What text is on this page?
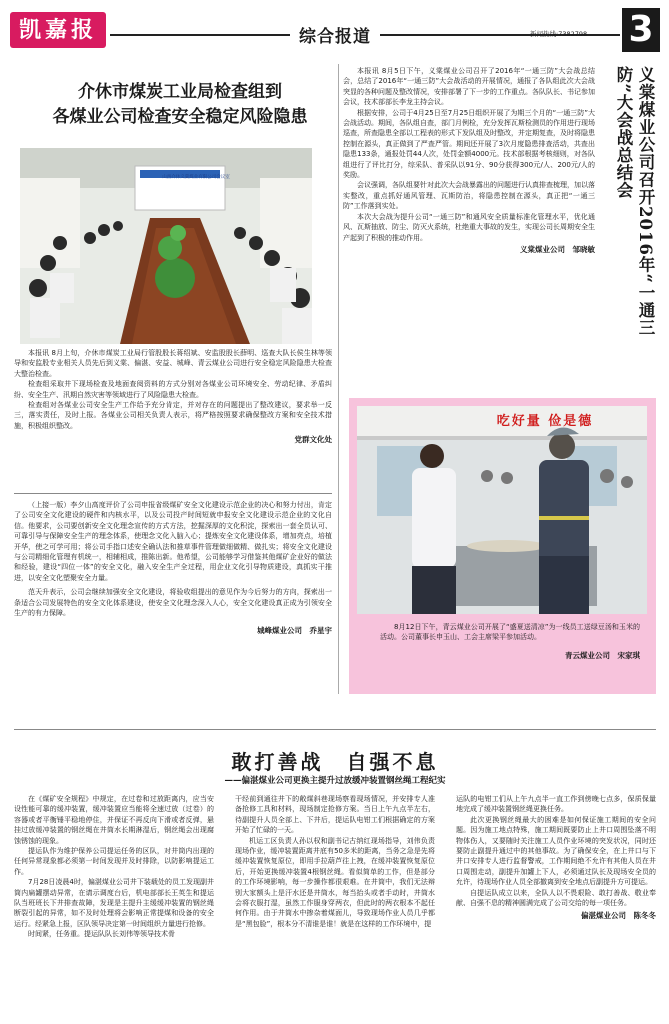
凯嘉报	综合报道	新闻热线:7382798 3
介休市煤炭工业局检查组到
各煤业公司检查安全稳定风险隐患
山西介休义棠煤业有限公司会议室

本报讯 8月上旬，介休市煤炭工业局行管股股长蒋绍斌、安监股股长薛明、巡查大队长侯生林等领导和安监股专业相关人员先后到义棠、偏湛、安益、城峰、青云煤业公司进行安全稳定风险隐患大检查大整治检查。

检查组采取井下现场检查及地面查阅资料的方式分别对各煤业公司环境安全、劳动纪律、矛盾纠纷、安全生产、汛期自然灾害等领域进行了风险隐患大检查。

检查组对各煤业公司安全生产工作给予充分肯定，并对存在的问题提出了整改建议，要求举一反三，落实责任，及时上报。各煤业公司相关负责人表示，将严格按照要求确保整改方案和安全技术措施，积极组织整改。

党群文化处

（上接一版）李夕山高度评价了公司申报省级煤矿安全文化建设示范企业的决心和努力付出，肯定了公司安全文化建设的硬件和内核水平，以及公司投产时间短就申报安全文化建设示范企业的文化自信。他要求，公司要创新安全文化理念宣传的方式方法，挖掘深厚的文化积淀，探索出一套全员认可、可靠引导与保障安全生产的理念体系，使理念文化入脑入心；提炼安全文化建设体系，增加亮点，培植开华，使之可学可用；将公司手指口述安全确认法和推草事件管理做细做精、做扎实；将安全文化建设与公司精细化管理有机统一，相辅相成，推陈出新。他希望，公司能够学习借鉴其他煤矿企业好的做法和经验，建设“四位一体”的安全文化，融入安全生产全过程，用企业文化引导物质建设，真抓实干推进，以安全文化塑聚安全力量。

范天升表示，公司会继续加强安全文化建设，将验收组提出的意见作为今后努力的方向，探索出一条适合公司发展特色的安全文化体系建设，使安全文化理念深入人心，安全文化建设真正成为引领安全生产的有力保障。

城峰煤业公司　乔星宇
义棠煤业公司召开2016年“一通三防”大会战总结会

本报讯 8月5日下午，义棠煤业公司召开了2016年“一通三防”大会战总结会，总结了2016年“一通三防”大会战活动的开展情况，通报了各队组此次大会战突显的各种问题及整改情况，安排部署了下一步的工作重点。各队队长、书记参加会议，技术部部长李龙主持会议。

根据安排，公司于4月25日至7月25日组织开展了为期三个月的“一通三防”大会战活动。期间，各队组自查，部门月例检，充分发挥瓦斯检测员的作用进行现场巡查，所查隐患全部以工程表的形式下发队组及时整改，并定期复查，及时将隐患控制在源头，真正做到了严查严管。期间还开展了3次月度隐患排查活动，共查出隐患133条，通报处罚44人次，处罚金额4000元。技术部根据考核细则，对各队组进行了评比打分，综采队、普采队以91分、90分获得300元/人、200元/人的奖励。

会议强调，各队组要针对此次大会战暴露出的问题进行认真排查梳理，加以落实整改，重点抓好通风管理、瓦斯防治，将隐患控制在源头，真正把“一通三防”工作落到实处。

本次大会战为提升公司“一通三防”和通风安全质量标准化管理水平，优化通风、瓦斯抽放、防尘、防灭火系统，杜绝重大事故的发生，实现公司长周期安全生产起到了积极的推动作用。

义棠煤业公司　邹晓敏
吃好量 俭是德

8月12日下午，青云煤业公司开展了“盛夏送清凉”为一线员工送绿豆汤和玉米的活动。公司董事长申玉山、工会主席梁平参加活动。

青云煤业公司　宋家琪
敢打善战　自强不息
——偏湛煤业公司更换主提升过放缓冲装置钢丝绳工程纪实

在《煤矿安全规程》中规定，在过卷和过放距离内，应当安设性能可靠的缓冲装置，缓冲装置应当能将全速过放（过卷）的容器或者平衡锤平稳地停住，并保证不再反向下滑或者反弹，悬挂过放缓冲装置的钢丝绳在井筒水长期淋湿后，钢丝绳会出现腐蚀锈蚀的现象。

提运队作为维护保养公司提运任务的区队，对井筒内出现的任何异常现象都必须第一时间发现并及时排除，以防影响提运工作。

7月28日凌晨4时，偏湛煤业公司井下装载处的员工发现副井筒内扁罐摆动异常，在请示调度台后，机电部部长王英生和提运队当班班长下井排查故障，发现是主提升主缓缓冲装置的钢丝绳断裂引起的异常，如不及时处理将会影响正常提煤和设备的安全运行。经紧急上报，区队领导决定第一时间组织力量进行抢修。

时间紧，任务重。提运队队长刘伟等领导技术骨

干经前到通往井下的敞煤斜巷现场察看现场情况，并安排专人准备抢修工具和材料，现场制定抢修方案。当日上午九点半左右，待副提升人员全部上、下井后，提运队电钳工们根据确定的方案开始了忙碌的一天。

机运工区负责人孙以权和副书记古纳红现场指导，刘伟负责现场作业，缓冲装置距离井底有50多米的距离，当务之急是先将缓冲装置恢复原位，即用手拉葫芦往上拽，在缓冲装置恢复原位后，开始更换缓冲装置4根钢丝绳。看似简单的工作，但是部分的工作环境影响，每一步操作都很艰难。在井筒中，我们无法辩别大家额头上是汗水还是井筒水，每当抬头或者手动时，井筒水会将衣服打湿，虽然工作服身穿两衣，但此时的两衣根本不起任何作用。由于井筒水中掺杂着煤面儿，导致现场作业人员几乎都是“黑包脸”，根本分不清谁是谁！就是在这样的工作环境中，提

运队的电钳工们从上午九点半一直工作到傍晚七点多，保质保量地完成了缓冲装置钢丝绳更换任务。

此次更换钢丝绳最大的困难是如何保证施工期间的安全问题。因为施工地点特殊，施工期间既要防止上井口周围坠落不明物体伤人，又要随时关注施工人员作业环境的突发状况，同时还要防止副提升通过中的其他事故。为了确保安全，在上井口与下井口安排专人进行监督警戒，工作期间绝不允许有其他人员在井口周围走动，副提升加罐上下人，必须通过队长及现场安全员的允许，待现场作业人员全部撤离到安全地点后副提升方可提运。

自提运队成立以来，全队人以不畏艰险、敢打善战、敬业奉献、自强不息的精神圆满完成了公司交给的每一项任务。

偏湛煤业公司　陈冬冬
